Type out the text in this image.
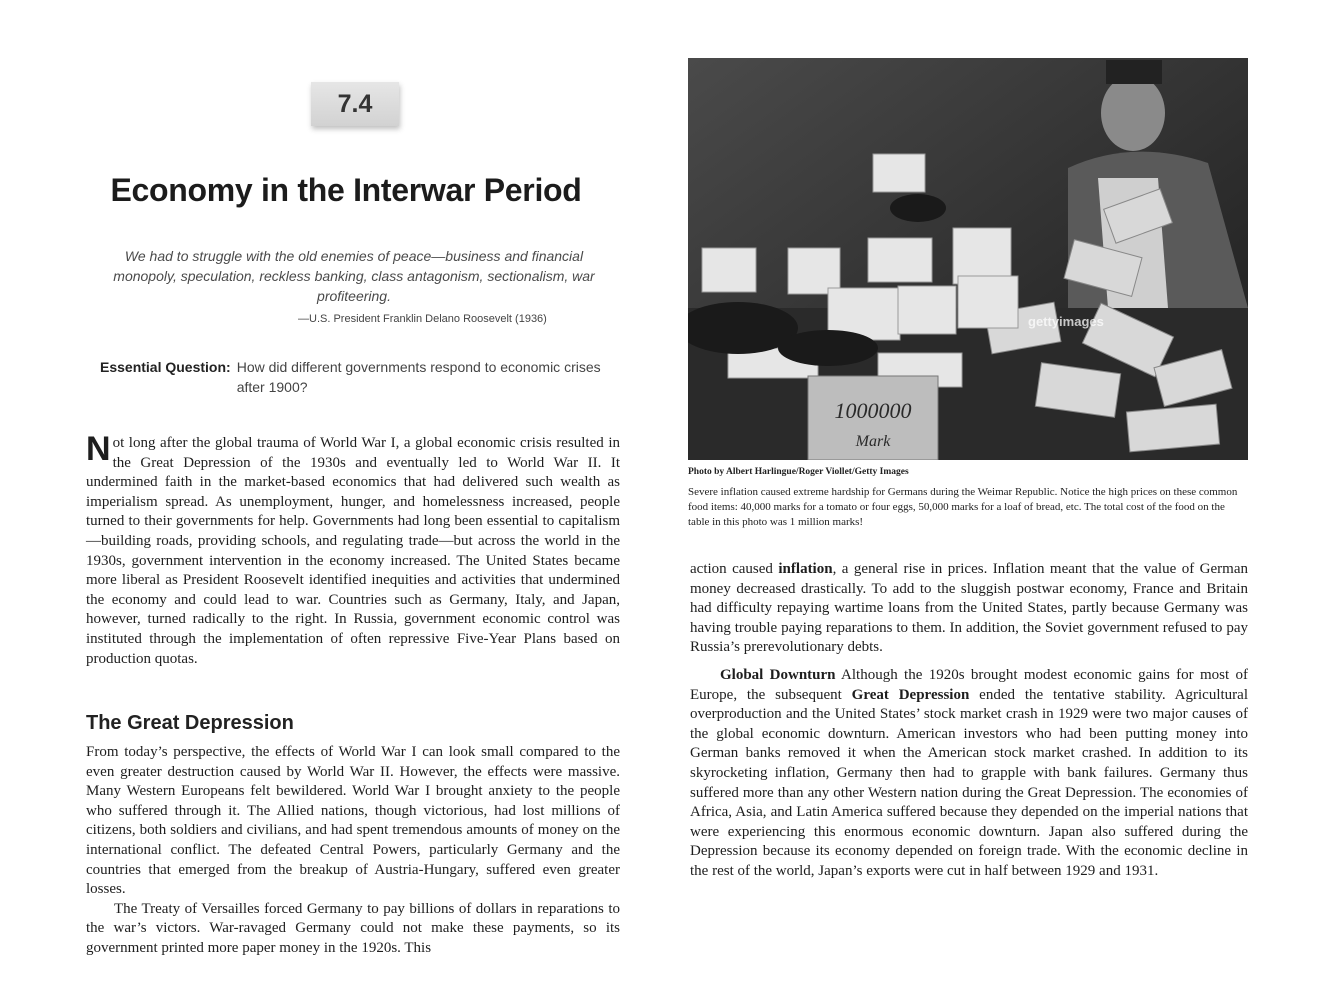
7.4
Economy in the Interwar Period
We had to struggle with the old enemies of peace—business and financial monopoly, speculation, reckless banking, class antagonism, sectionalism, war profiteering.
—U.S. President Franklin Delano Roosevelt (1936)
Essential Question: How did different governments respond to economic crises after 1900?

Not long after the global trauma of World War I, a global economic crisis resulted in the Great Depression of the 1930s and eventually led to World War II. It undermined faith in the market-based economics that had delivered such wealth as imperialism spread. As unemployment, hunger, and homelessness increased, people turned to their governments for help. Governments had long been essential to capitalism—building roads, providing schools, and regulating trade—but across the world in the 1930s, government intervention in the economy increased. The United States became more liberal as President Roosevelt identified inequities and activities that undermined the economy and could lead to war. Countries such as Germany, Italy, and Japan, however, turned radically to the right. In Russia, government economic control was instituted through the implementation of often repressive Five-Year Plans based on production quotas.

The Great Depression

From today’s perspective, the effects of World War I can look small compared to the even greater destruction caused by World War II. However, the effects were massive. Many Western Europeans felt bewildered. World War I brought anxiety to the people who suffered through it. The Allied nations, though victorious, had lost millions of citizens, both soldiers and civilians, and had spent tremendous amounts of money on the international conflict. The defeated Central Powers, particularly Germany and the countries that emerged from the breakup of Austria-Hungary, suffered even greater losses.

The Treaty of Versailles forced Germany to pay billions of dollars in reparations to the war’s victors. War-ravaged Germany could not make these payments, so its government printed more paper money in the 1920s. This

1000000
Mark
gettyimages
Photo by Albert Harlingue/Roger Viollet/Getty Images
Severe inflation caused extreme hardship for Germans during the Weimar Republic. Notice the high prices on these common food items: 40,000 marks for a tomato or four eggs, 50,000 marks for a loaf of bread, etc. The total cost of the food on the table in this photo was 1 million marks!

action caused inflation, a general rise in prices. Inflation meant that the value of German money decreased drastically. To add to the sluggish postwar economy, France and Britain had difficulty repaying wartime loans from the United States, partly because Germany was having trouble paying reparations to them. In addition, the Soviet government refused to pay Russia’s prerevolutionary debts.

Global Downturn Although the 1920s brought modest economic gains for most of Europe, the subsequent Great Depression ended the tentative stability. Agricultural overproduction and the United States’ stock market crash in 1929 were two major causes of the global economic downturn. American investors who had been putting money into German banks removed it when the American stock market crashed. In addition to its skyrocketing inflation, Germany then had to grapple with bank failures. Germany thus suffered more than any other Western nation during the Great Depression. The economies of Africa, Asia, and Latin America suffered because they depended on the imperial nations that were experiencing this enormous economic downturn. Japan also suffered during the Depression because its economy depended on foreign trade. With the economic decline in the rest of the world, Japan’s exports were cut in half between 1929 and 1931.
